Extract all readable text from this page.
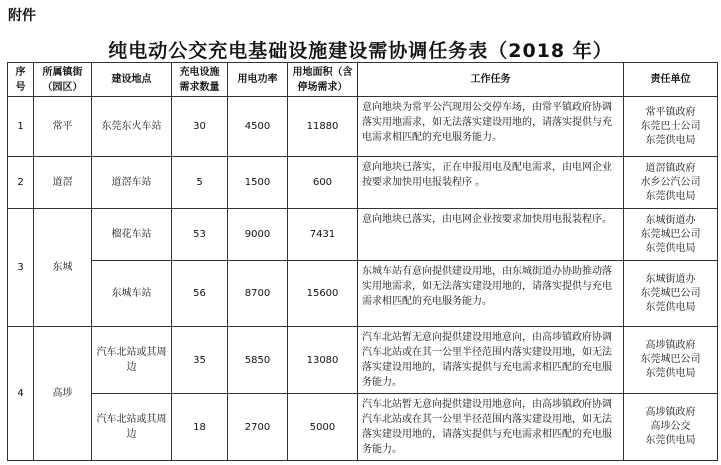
附件
纯电动公交充电基础设施建设需协调任务表（2018 年）
序号	所属镇街（园区）	建设地点	充电设施需求数量	用电功率	用地面积（含停场需求）	工作任务	责任单位
1	常平	东莞东火车站	30	4500	11880	意向地块为常平公汽现用公交停车场，由常平镇政府协调落实用地需求，如无法落实建设用地的，请落实提供与充电需求相匹配的充电服务能力。	常平镇政府
东莞巴士公司
东莞供电局

2	道滘	道滘车站	5	1500	600	意向地块已落实，正在申报用电及配电需求，由电网企业按要求加快用电报装程序 。	道滘镇政府
水乡公汽公司
东莞供电局

3	东城	榴花车站	53	9000	7431	意向地块已落实，由电网企业按要求加快用电报装程序。	东城街道办
东莞城巴公司
东莞供电局

		东城车站	56	8700	15600	东城车站有意向提供建设用地，由东城街道办协助推动落实用地需求，如无法落实建设用地的，请落实提供与充电需求相匹配的充电服务能力。	东城街道办
东莞城巴公司
东莞供电局

4	高埗	汽车北站或其周边	35	5850	13080	汽车北站暂无意向提供建设用地意向，由高埗镇政府协调汽车北站或在其一公里半径范围内落实建设用地，如无法落实建设用地的，请落实提供与充电需求相匹配的充电服务能力。	高埗镇政府
东莞城巴公司
东莞供电局

		汽车北站或其周边	18	2700	5000	汽车北站暂无意向提供建设用地意向，由高埗镇政府协调汽车北站或在其一公里半径范围内落实建设用地，如无法落实建设用地的，请落实提供与充电需求相匹配的充电服务能力。	高埗镇政府
高埗公交
东莞供电局
